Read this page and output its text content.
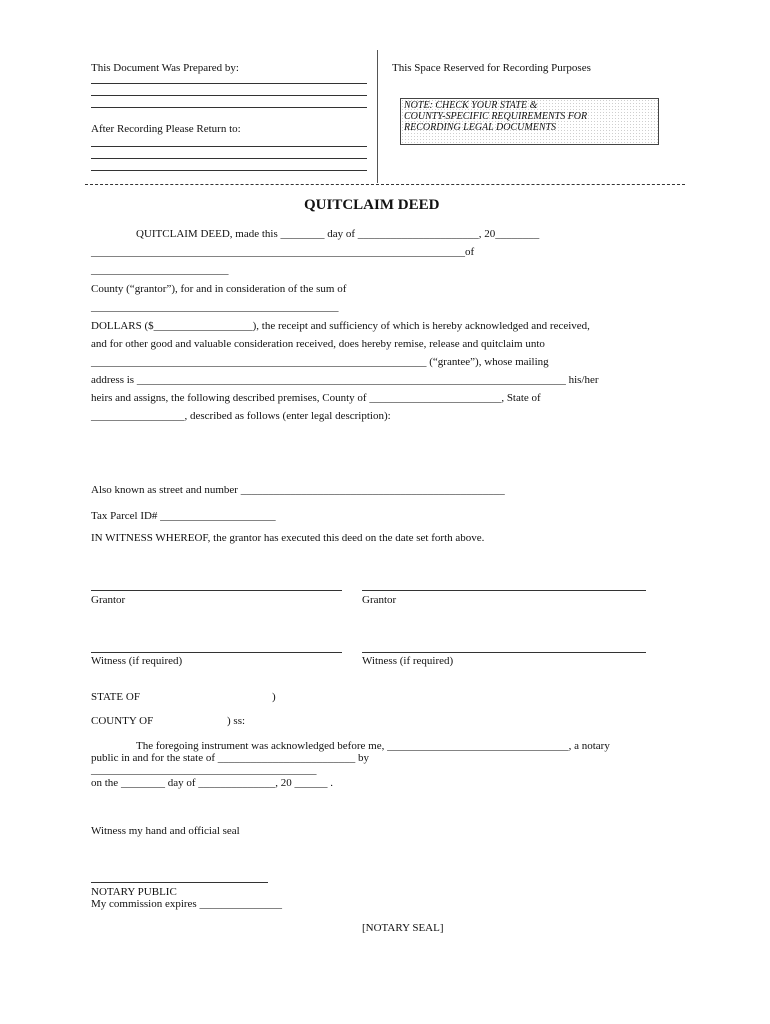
This Document Was Prepared by:
After Recording Please Return to:
This Space Reserved for Recording Purposes
NOTE: CHECK YOUR STATE &
COUNTY-SPECIFIC REQUIREMENTS FOR
RECORDING LEGAL DOCUMENTS
QUITCLAIM DEED
QUITCLAIM DEED, made this ________ day of ______________________, 20________
____________________________________________________________________of
_________________________
County (“grantor”), for and in consideration of the sum of
_____________________________________________
DOLLARS ($__________________), the receipt and sufficiency of which is hereby acknowledged and received,
and for other good and valuable consideration received, does hereby remise, release and quitclaim unto
_____________________________________________________________ (“grantee”), whose mailing
address is ______________________________________________________________________________ his/her
heirs and assigns, the following described premises, County of ________________________, State of
_________________, described as follows (enter legal description):
Also known as street and number ________________________________________________
Tax Parcel ID# _____________________
IN WITNESS WHEREOF, the grantor has executed this deed on the date set forth above.
Grantor	Grantor
Witness (if required)	Witness (if required)
STATE OF	)
COUNTY OF	) ss:
The foregoing instrument was acknowledged before me, _________________________________, a notary
public in and for the state of _________________________ by
_________________________________________
on the ________ day of ______________, 20 ______ .
Witness my hand and official seal
NOTARY PUBLIC
My commission expires _______________
[NOTARY SEAL]
